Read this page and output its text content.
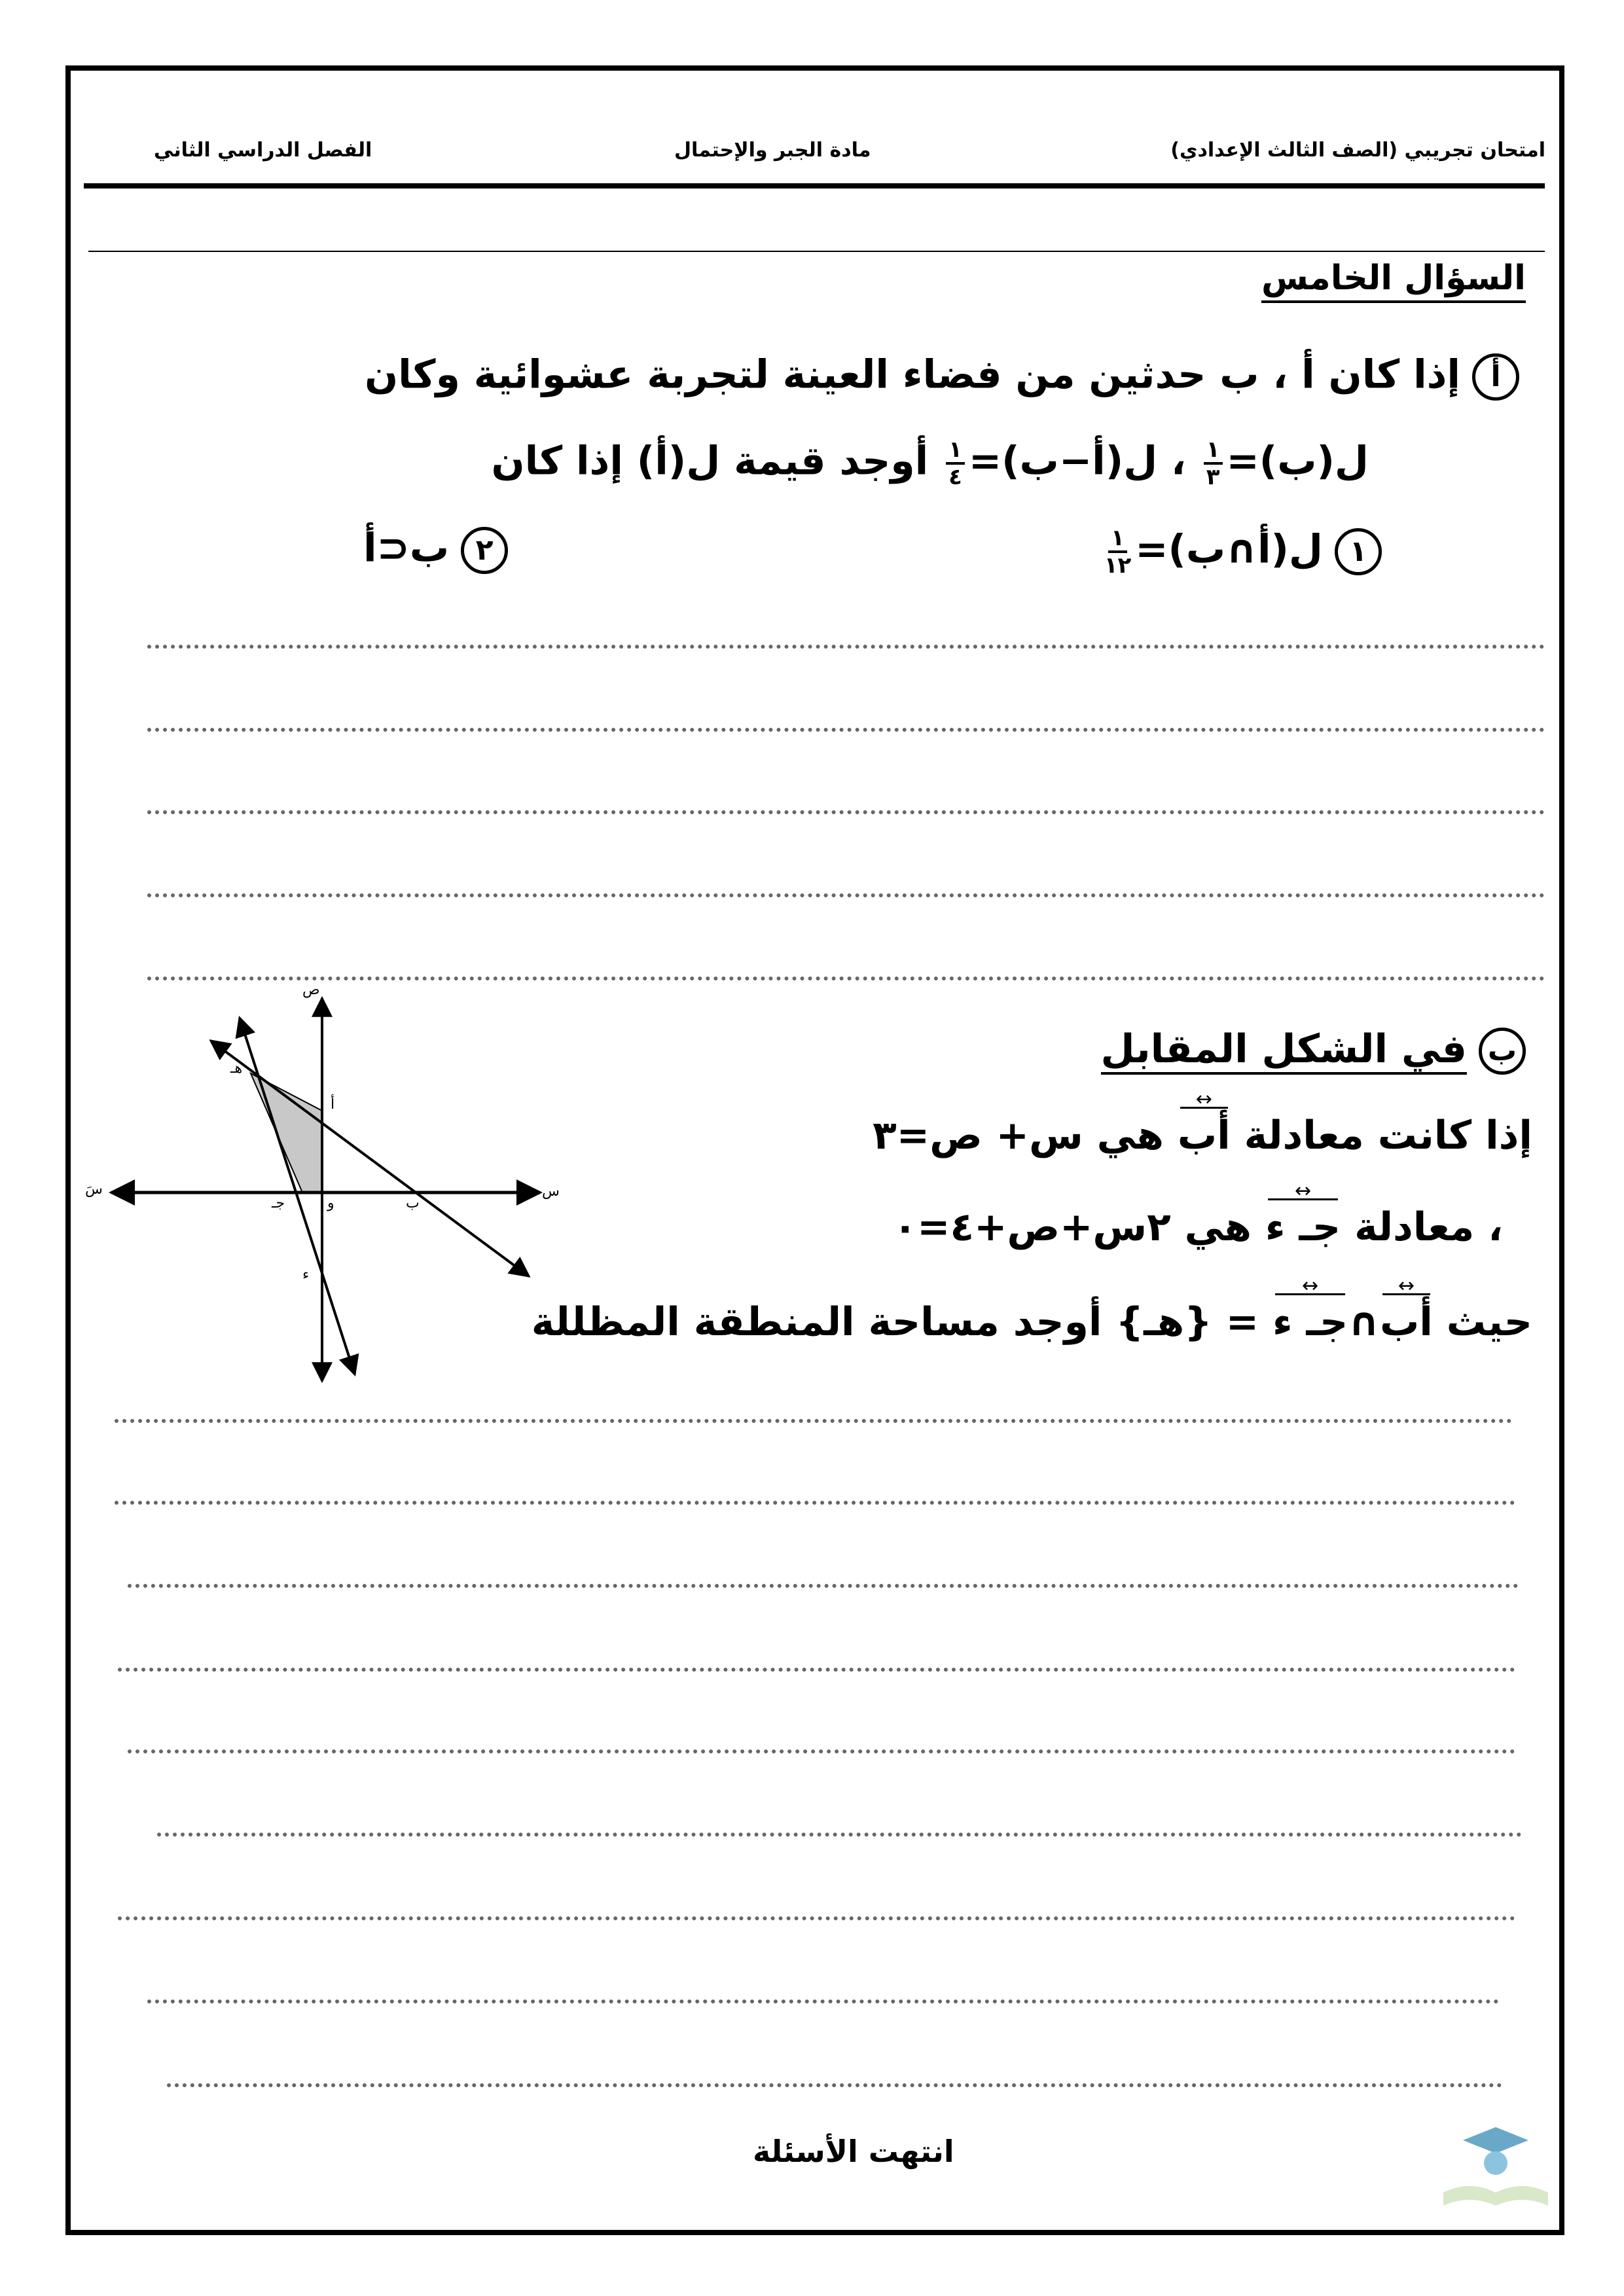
امتحان تجريبي (الصف الثالث الإعدادي)
مادة الجبر والإحتمال
الفصل الدراسي الثاني
السؤال الخامس
أإذا كان أ ، ب حدثين من فضاء العينة لتجربة عشوائية وكان
ل(ب)=
$\frac{١}{٣}$
، ل(أ−ب)=
$\frac{١}{٤}$
أوجد قيمة ل(أ) إذا كان
١ل(أ∩ب)=
$\frac{١}{١٢}$
٢ب⊂أ
ص
س
سَ
و
أ
ب
جـ
ء
هـ
بفي الشكل المقابل
إذا كانت معادلة أب ↔ هي س+ ص=٣
، معادلة جـ ء ↔ هي ٢س+ص+٤=٠
حيث أب ↔∩جـ ء ↔ = {هـ} أوجد مساحة المنطقة المظللة
انتهت الأسئلة
